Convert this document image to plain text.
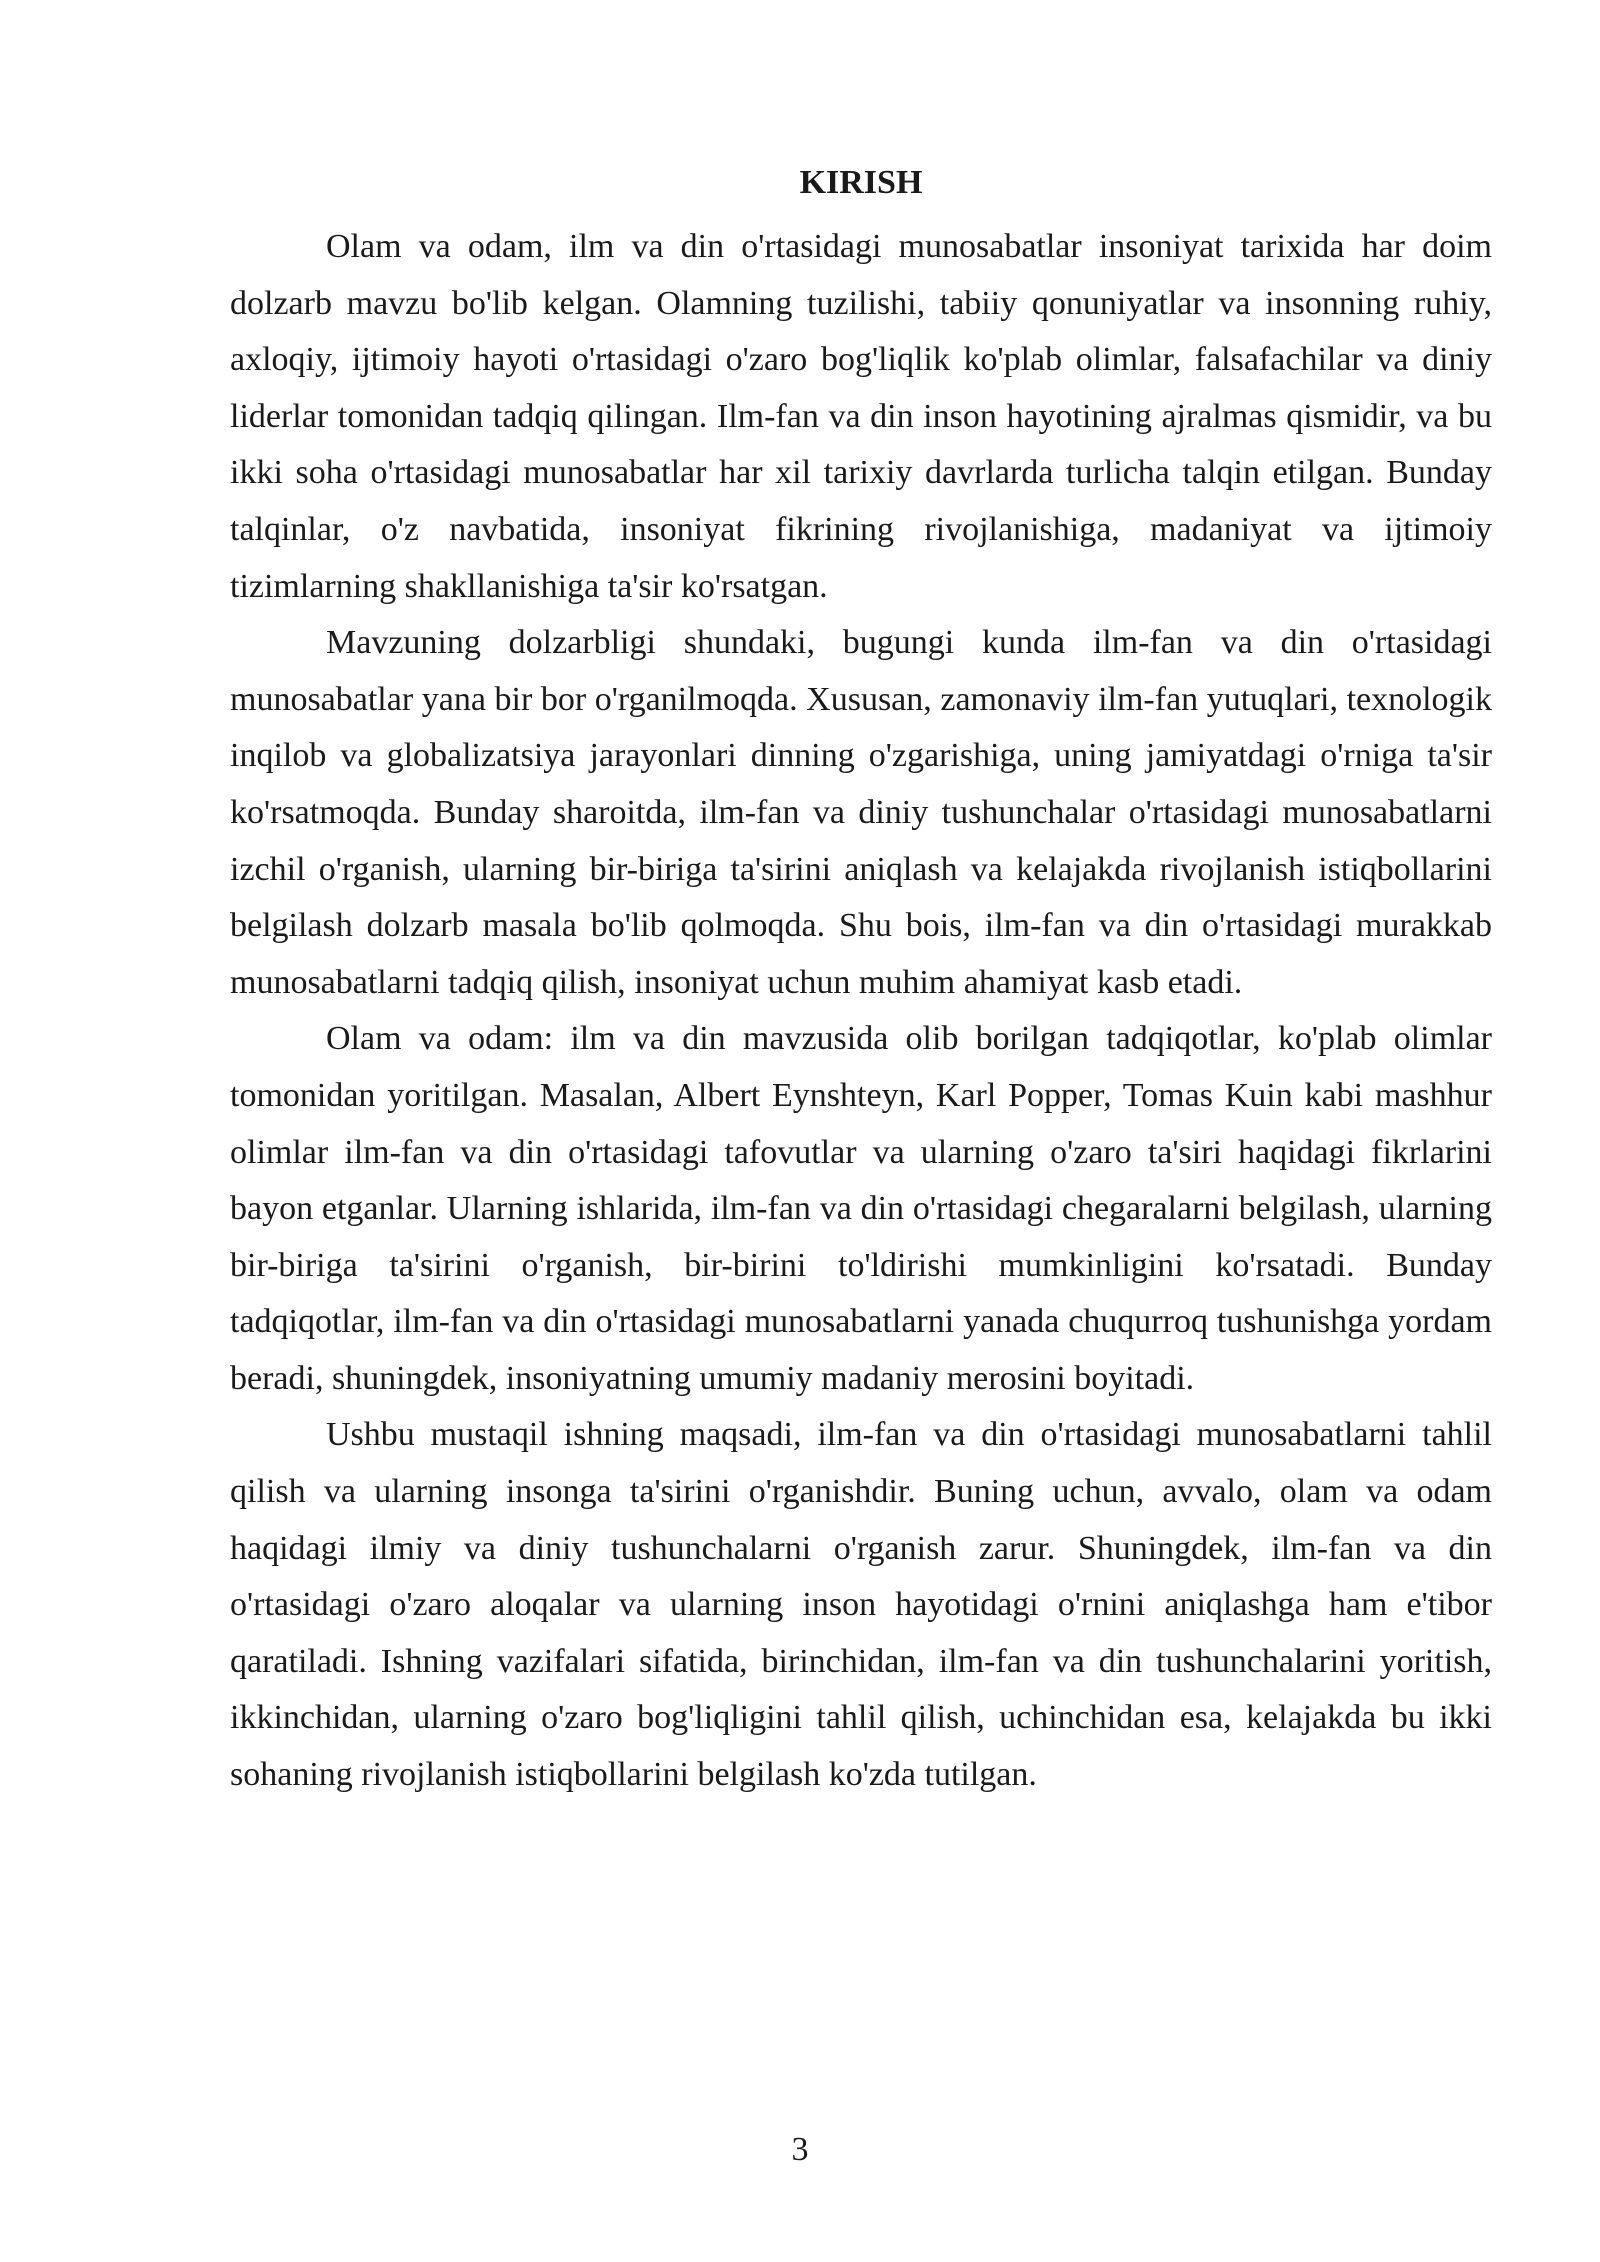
KIRISH

Olam va odam, ilm va din o'rtasidagi munosabatlar insoniyat tarixida har doim dolzarb mavzu bo'lib kelgan. Olamning tuzilishi, tabiiy qonuniyatlar va insonning ruhiy, axloqiy, ijtimoiy hayoti o'rtasidagi o'zaro bog'liqlik ko'plab olimlar, falsafachilar va diniy liderlar tomonidan tadqiq qilingan. Ilm-fan va din inson hayotining ajralmas qismidir, va bu ikki soha o'rtasidagi munosabatlar har xil tarixiy davrlarda turlicha talqin etilgan. Bunday talqinlar, o'z navbatida, insoniyat fikrining rivojlanishiga, madaniyat va ijtimoiy tizimlarning shakllanishiga ta'sir ko'rsatgan.

Mavzuning dolzarbligi shundaki, bugungi kunda ilm-fan va din o'rtasidagi munosabatlar yana bir bor o'rganilmoqda. Xususan, zamonaviy ilm-fan yutuqlari, texnologik inqilob va globalizatsiya jarayonlari dinning o'zgarishiga, uning jamiyatdagi o'rniga ta'sir ko'rsatmoqda. Bunday sharoitda, ilm-fan va diniy tushunchalar o'rtasidagi munosabatlarni izchil o'rganish, ularning bir-biriga ta'sirini aniqlash va kelajakda rivojlanish istiqbollarini belgilash dolzarb masala bo'lib qolmoqda. Shu bois, ilm-fan va din o'rtasidagi murakkab munosabatlarni tadqiq qilish, insoniyat uchun muhim ahamiyat kasb etadi.

Olam va odam: ilm va din mavzusida olib borilgan tadqiqotlar, ko'plab olimlar tomonidan yoritilgan. Masalan, Albert Eynshteyn, Karl Popper, Tomas Kuin kabi mashhur olimlar ilm-fan va din o'rtasidagi tafovutlar va ularning o'zaro ta'siri haqidagi fikrlarini bayon etganlar. Ularning ishlarida, ilm-fan va din o'rtasidagi chegaralarni belgilash, ularning bir-biriga ta'sirini o'rganish, bir-birini to'ldirishi mumkinligini ko'rsatadi. Bunday tadqiqotlar, ilm-fan va din o'rtasidagi munosabatlarni yanada chuqurroq tushunishga yordam beradi, shuningdek, insoniyatning umumiy madaniy merosini boyitadi.

Ushbu mustaqil ishning maqsadi, ilm-fan va din o'rtasidagi munosabatlarni tahlil qilish va ularning insonga ta'sirini o'rganishdir. Buning uchun, avvalo, olam va odam haqidagi ilmiy va diniy tushunchalarni o'rganish zarur. Shuningdek, ilm-fan va din o'rtasidagi o'zaro aloqalar va ularning inson hayotidagi o'rnini aniqlashga ham e'tibor qaratiladi. Ishning vazifalari sifatida, birinchidan, ilm-fan va din tushunchalarini yoritish, ikkinchidan, ularning o'zaro bog'liqligini tahlil qilish, uchinchidan esa, kelajakda bu ikki sohaning rivojlanish istiqbollarini belgilash ko'zda tutilgan.

3
